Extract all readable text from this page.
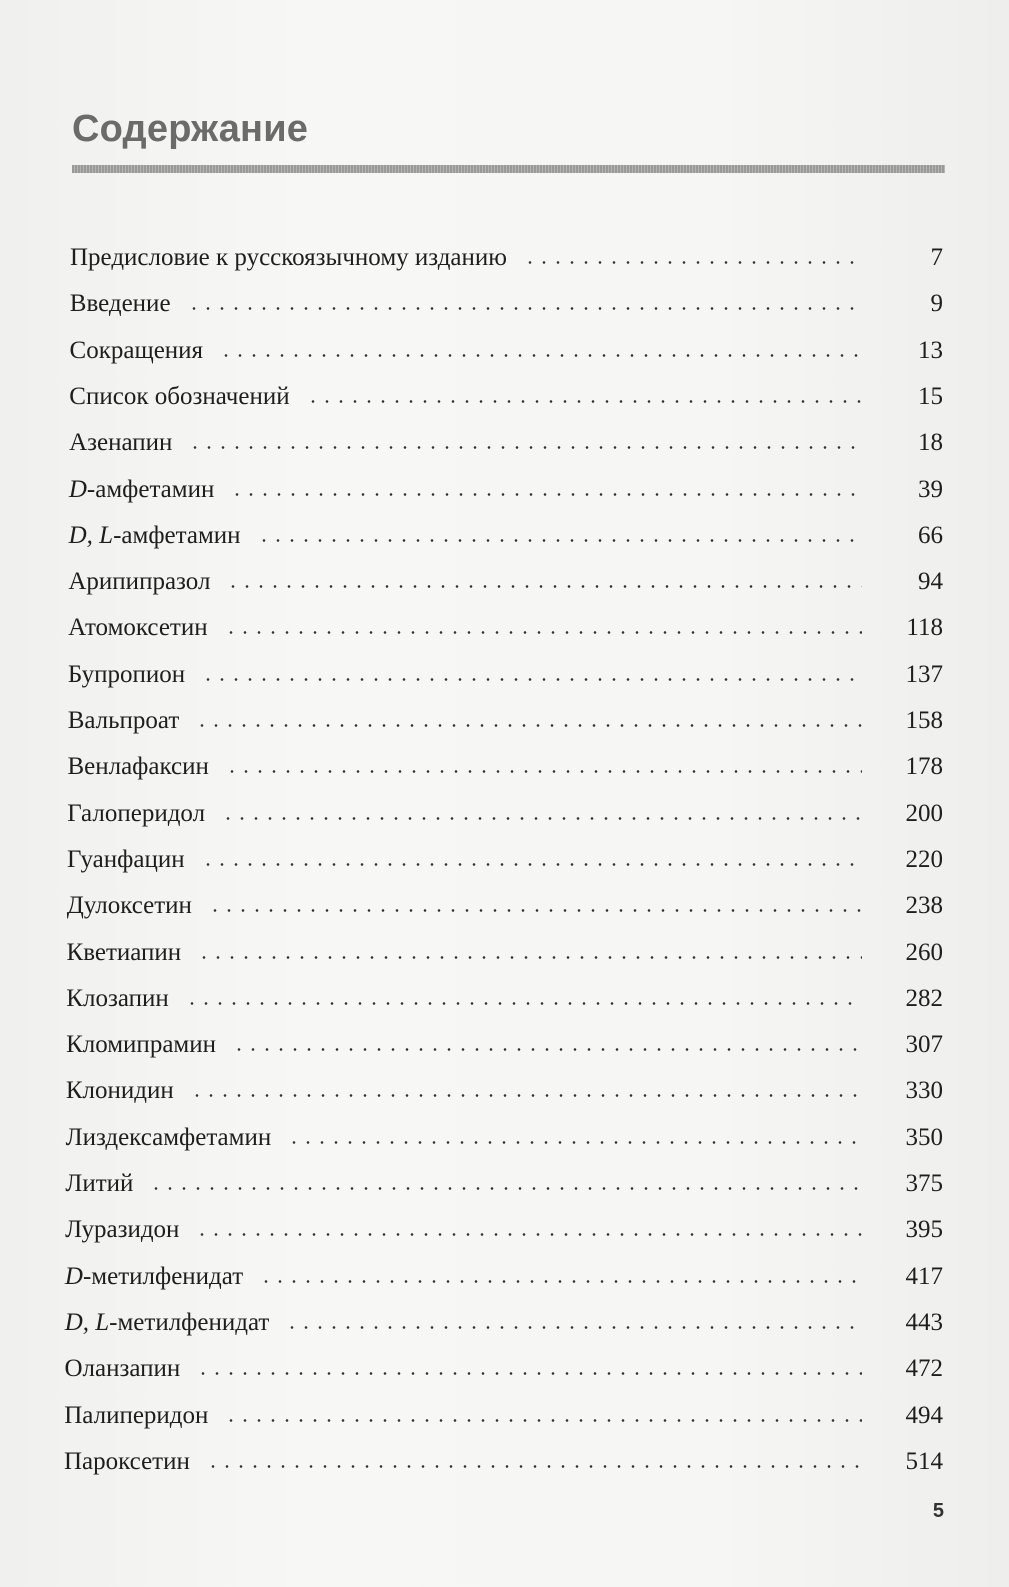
Содержание
Предисловие к русскоязычному изданию	7
Введение	9
Сокращения	13
Список обозначений	15
Азенапин	18
D-амфетамин	39
D, L-амфетамин	66
Арипипразол	94
Атомоксетин	118
Бупропион	137
Вальпроат	158
Венлафаксин	178
Галоперидол	200
Гуанфацин	220
Дулоксетин	238
Кветиапин	260
Клозапин	282
Кломипрамин	307
Клонидин	330
Лиздексамфетамин	350
Литий	375
Луразидон	395
D-метилфенидат	417
D, L-метилфенидат	443
Оланзапин	472
Палиперидон	494
Пароксетин	514
5
